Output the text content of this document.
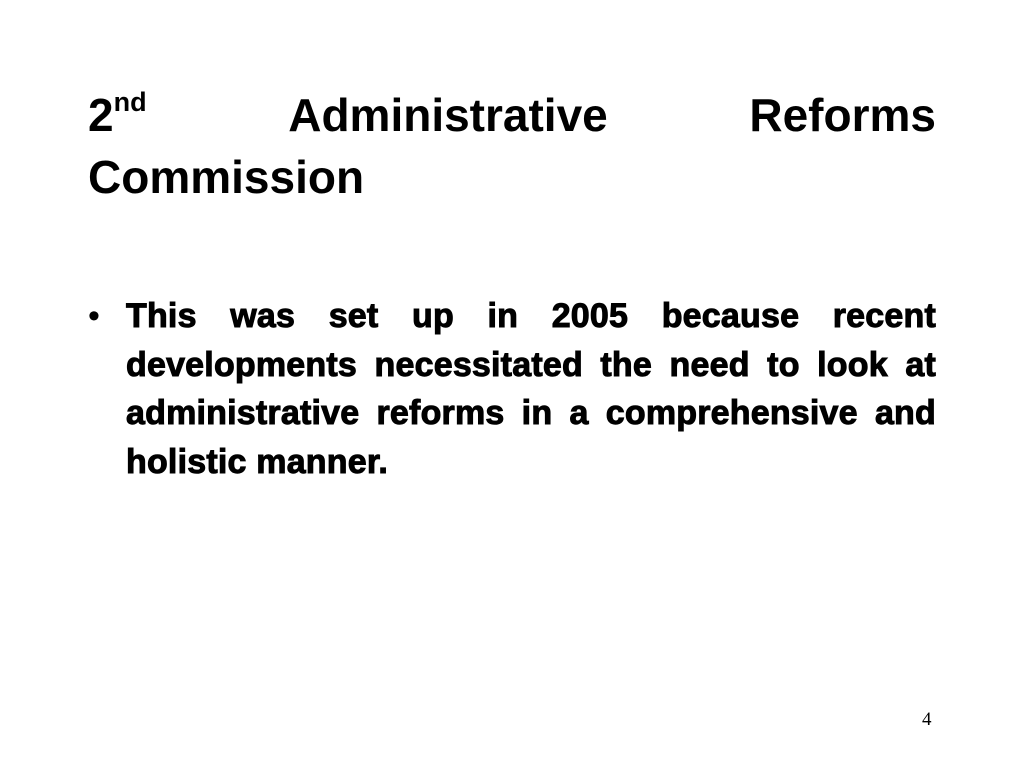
2nd	Administrative	Reforms
Commission
• This was set up in 2005 because recent developments necessitated the need to look at administrative reforms in a comprehensive and holistic manner.
4
